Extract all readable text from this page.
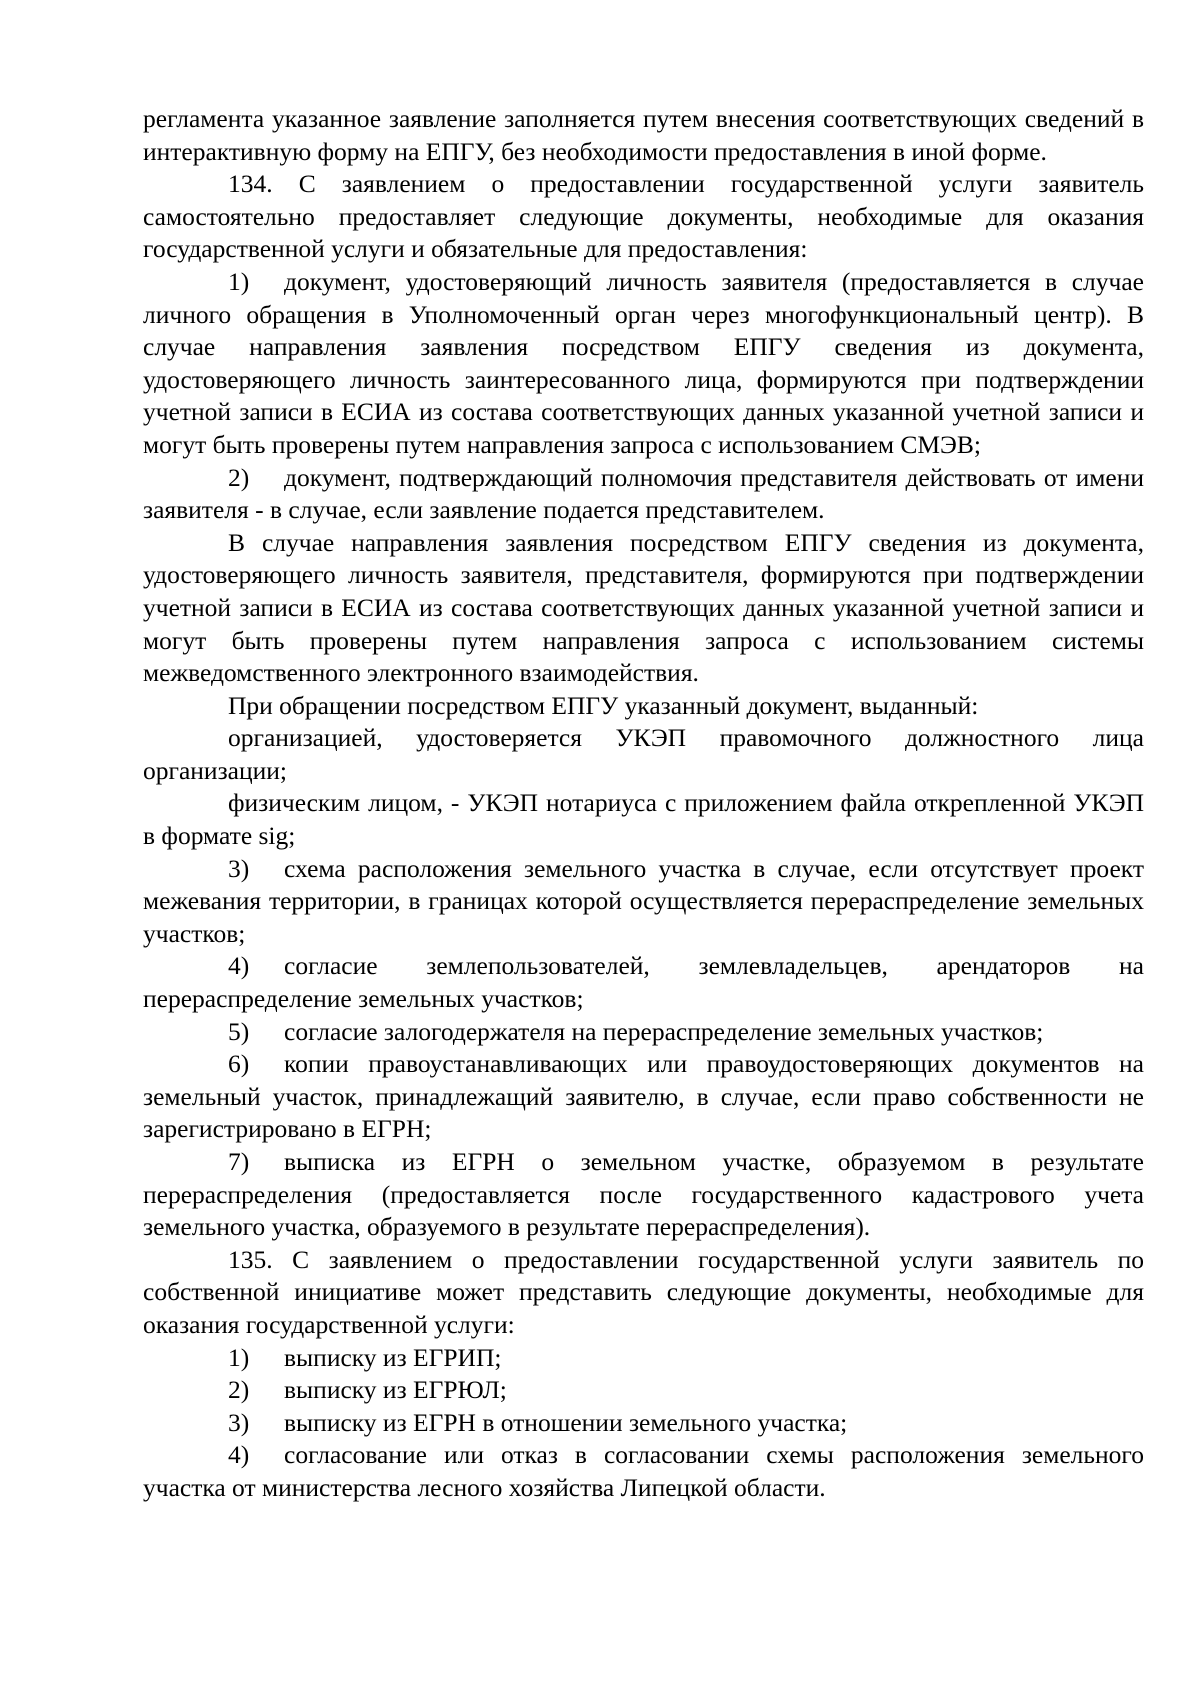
регламента указанное заявление заполняется путем внесения соответствующих сведений в интерактивную форму на ЕПГУ, без необходимости предоставления в иной форме.

134. С заявлением о предоставлении государственной услуги заявитель самостоятельно предоставляет следующие документы, необходимые для оказания государственной услуги и обязательные для предоставления:

1) документ, удостоверяющий личность заявителя (предоставляется в случае личного обращения в Уполномоченный орган через многофункциональный центр). В случае направления заявления посредством ЕПГУ сведения из документа, удостоверяющего личность заинтересованного лица, формируются при подтверждении учетной записи в ЕСИА из состава соответствующих данных указанной учетной записи и могут быть проверены путем направления запроса с использованием СМЭВ;

2) документ, подтверждающий полномочия представителя действовать от имени заявителя - в случае, если заявление подается представителем.

В случае направления заявления посредством ЕПГУ сведения из документа, удостоверяющего личность заявителя, представителя, формируются при подтверждении учетной записи в ЕСИА из состава соответствующих данных указанной учетной записи и могут быть проверены путем направления запроса с использованием системы межведомственного электронного взаимодействия.

При обращении посредством ЕПГУ указанный документ, выданный:

организацией, удостоверяется УКЭП правомочного должностного лица организации;

физическим лицом, - УКЭП нотариуса с приложением файла открепленной УКЭП в формате sig;

3) схема расположения земельного участка в случае, если отсутствует проект межевания территории, в границах которой осуществляется перераспределение земельных участков;

4) согласие землепользователей, землевладельцев, арендаторов на перераспределение земельных участков;

5) согласие залогодержателя на перераспределение земельных участков;

6) копии правоустанавливающих или правоудостоверяющих документов на земельный участок, принадлежащий заявителю, в случае, если право собственности не зарегистрировано в ЕГРН;

7) выписка из ЕГРН о земельном участке, образуемом в результате перераспределения (предоставляется после государственного кадастрового учета земельного участка, образуемого в результате перераспределения).

135. С заявлением о предоставлении государственной услуги заявитель по собственной инициативе может представить следующие документы, необходимые для оказания государственной услуги:

1) выписку из ЕГРИП;

2) выписку из ЕГРЮЛ;

3) выписку из ЕГРН в отношении земельного участка;

4) согласование или отказ в согласовании схемы расположения земельного участка от министерства лесного хозяйства Липецкой области.
